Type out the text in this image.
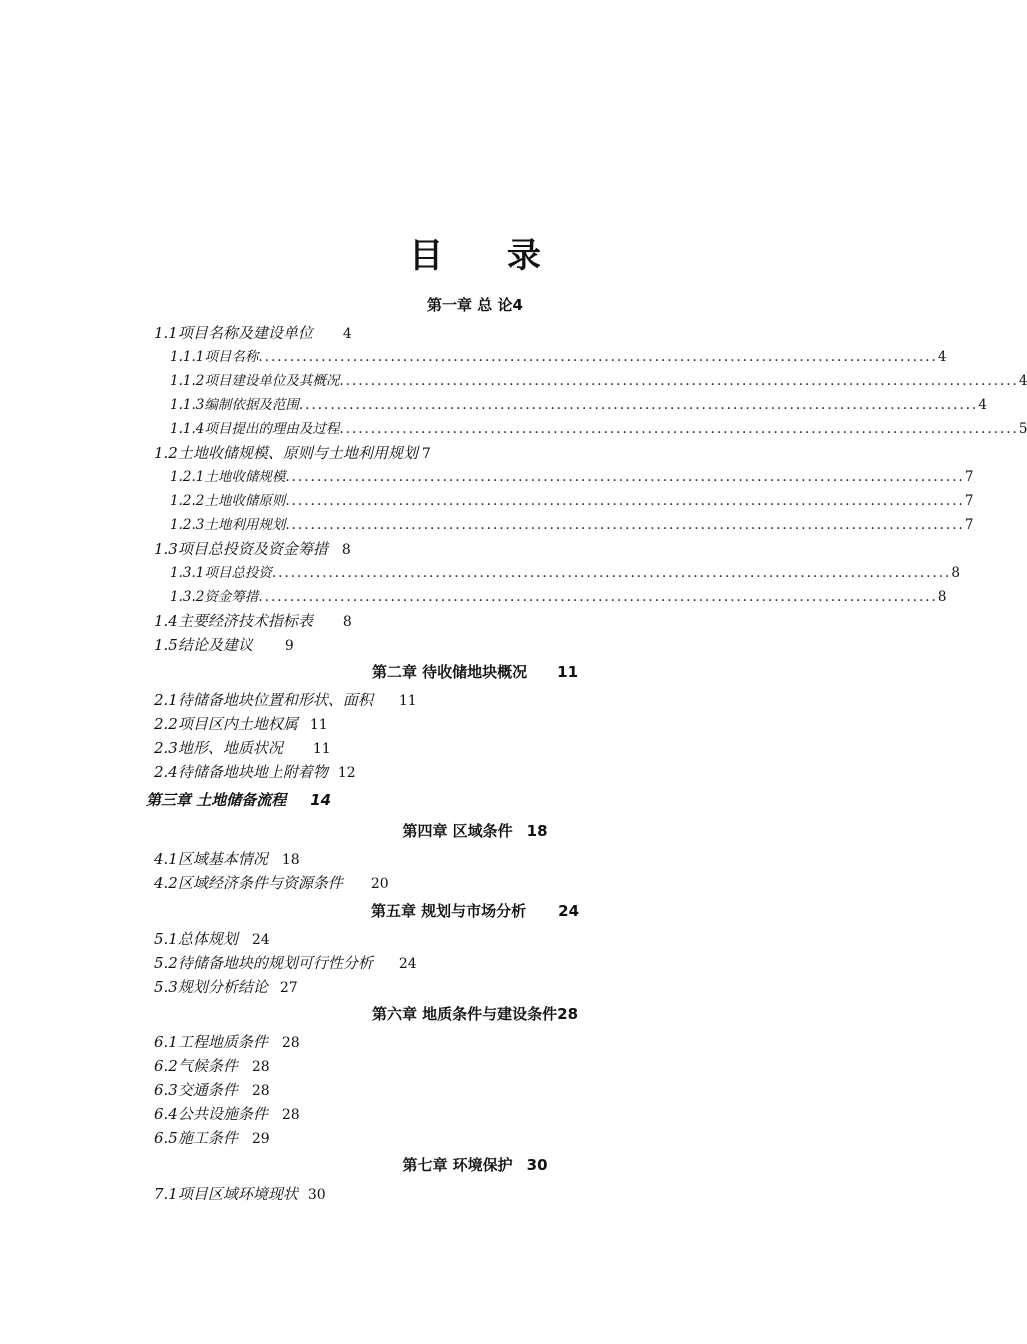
目 录
第一章 总 论4
1.1项目名称及建设单位 4
1.1.1项目名称 ............................................................................................................ 4
1.1.2项目建设单位及其概况 ............................................................................................................ 4
1.1.3编制依据及范围 ............................................................................................................ 4
1.1.4项目提出的理由及过程 ............................................................................................................ 5
1.2土地收储规模、原则与土地利用规划 7
1.2.1土地收储规模 ............................................................................................................ 7
1.2.2土地收储原则 ............................................................................................................ 7
1.2.3土地利用规划 ............................................................................................................ 7
1.3项目总投资及资金筹措 8
1.3.1项目总投资 ............................................................................................................ 8
1.3.2资金筹措 ............................................................................................................ 8
1.4主要经济技术指标表 8
1.5结论及建议 9
第二章 待收储地块概况 11
2.1待储备地块位置和形状、面积 11
2.2项目区内土地权属 11
2.3地形、地质状况 11
2.4待储备地块地上附着物 12
第三章 土地储备流程 14
第四章 区域条件 18
4.1区域基本情况 18
4.2区域经济条件与资源条件 20
第五章 规划与市场分析 24
5.1总体规划 24
5.2待储备地块的规划可行性分析 24
5.3规划分析结论 27
第六章 地质条件与建设条件28
6.1工程地质条件 28
6.2气候条件 28
6.3交通条件 28
6.4公共设施条件 28
6.5施工条件 29
第七章 环境保护 30
7.1项目区域环境现状 30
